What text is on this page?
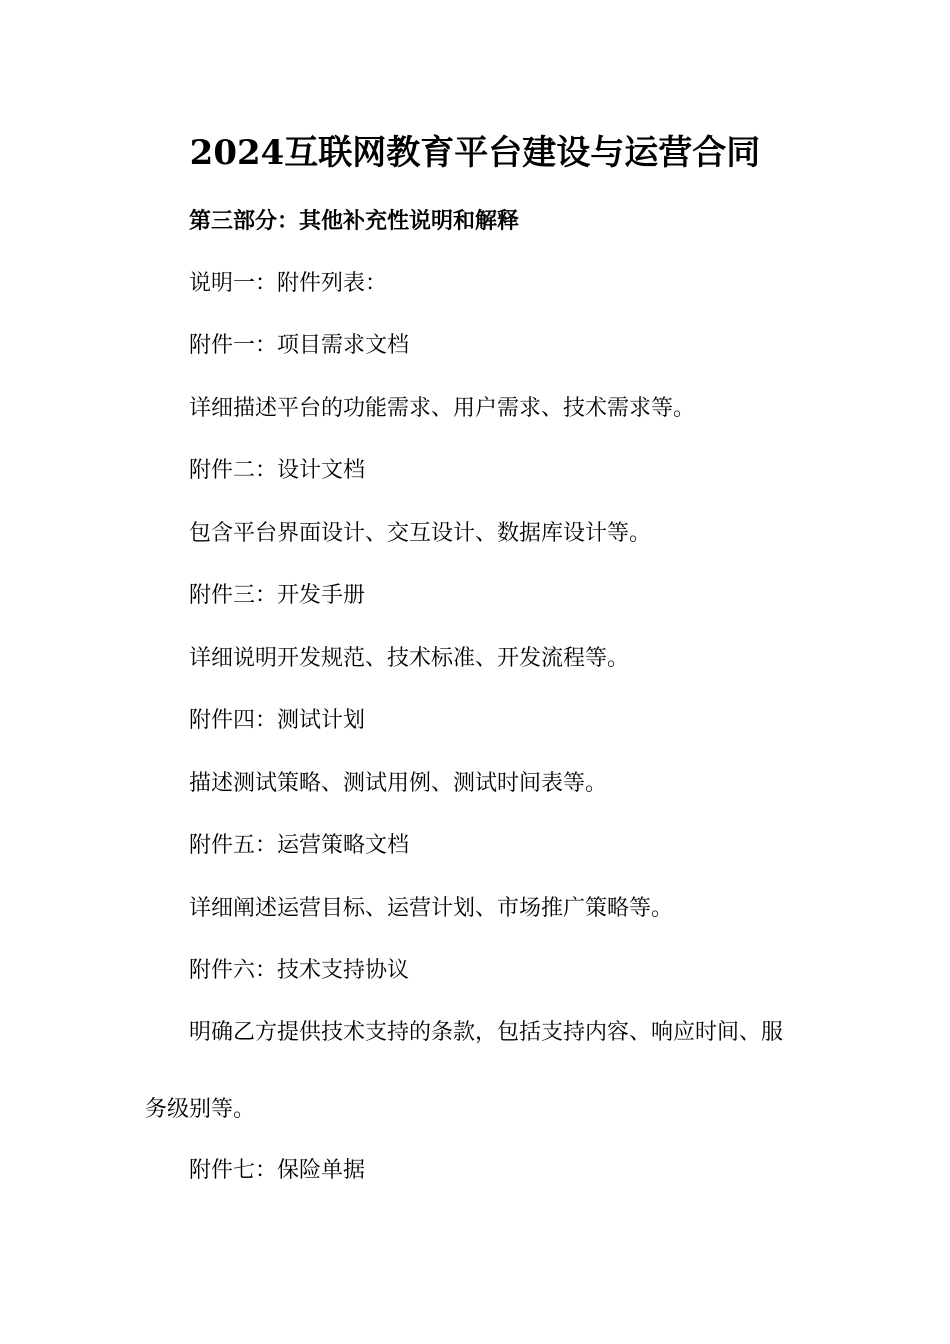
2024互联网教育平台建设与运营合同
第三部分：其他补充性说明和解释
说明一：附件列表：
附件一：项目需求文档
详细描述平台的功能需求、用户需求、技术需求等。
附件二：设计文档
包含平台界面设计、交互设计、数据库设计等。
附件三：开发手册
详细说明开发规范、技术标准、开发流程等。
附件四：测试计划
描述测试策略、测试用例、测试时间表等。
附件五：运营策略文档
详细阐述运营目标、运营计划、市场推广策略等。
附件六：技术支持协议
明确乙方提供技术支持的条款，包括支持内容、响应时间、服
务级别等。
附件七：保险单据
